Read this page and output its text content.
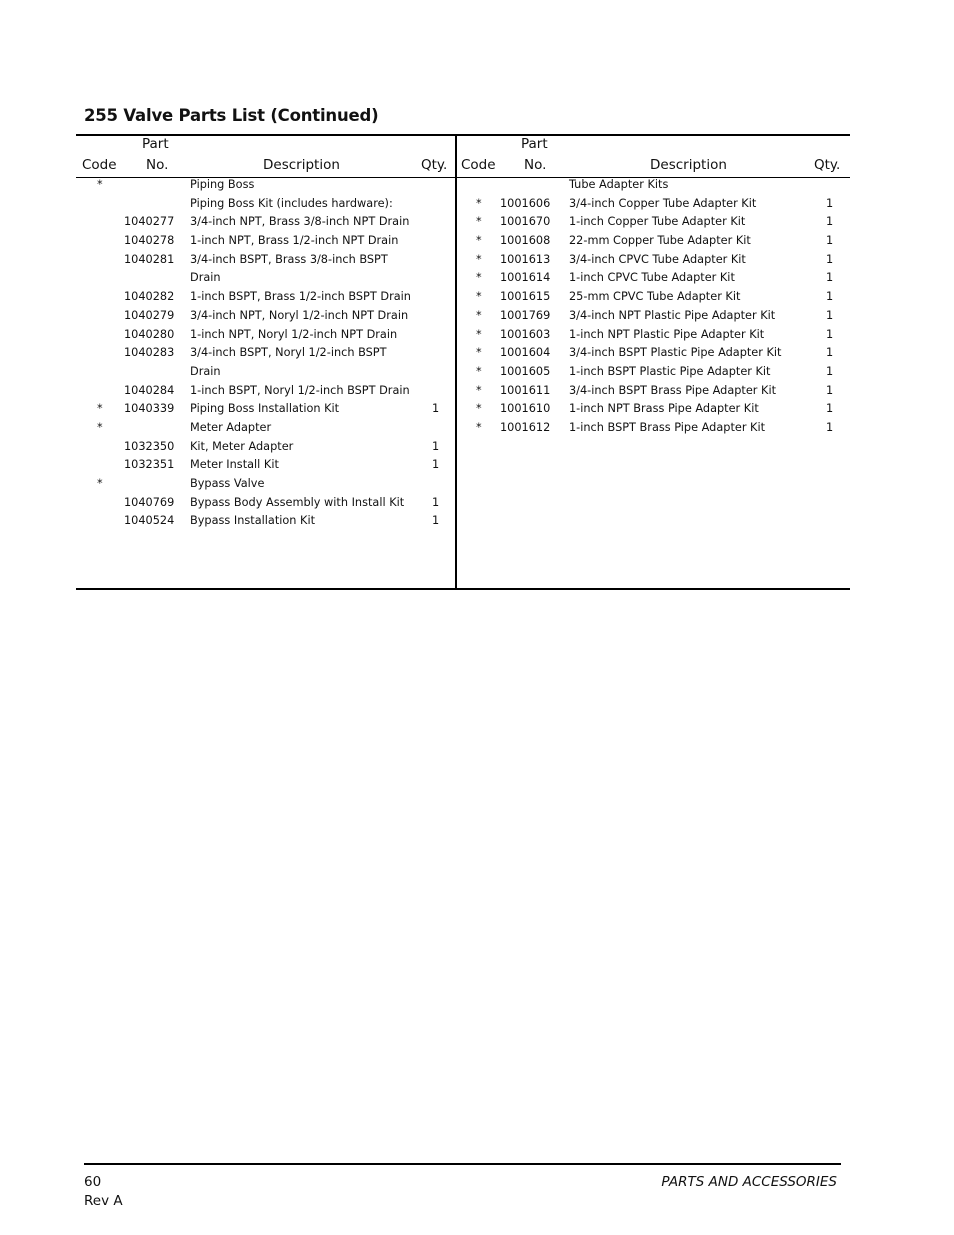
255 Valve Parts List (Continued)
Code
Part
No.	Description	Qty.
*	Piping Boss
Piping Boss Kit (includes hardware):
1040277 3/4-inch NPT, Brass 3/8-inch NPT Drain
1040278 1-inch NPT, Brass 1/2-inch NPT Drain
1040281 3/4-inch BSPT, Brass 3/8-inch BSPT
Drain
1040282 1-inch BSPT, Brass 1/2-inch BSPT Drain
1040279 3/4-inch NPT, Noryl 1/2-inch NPT Drain
1040280 1-inch NPT, Noryl 1/2-inch NPT Drain
1040283 3/4-inch BSPT, Noryl 1/2-inch BSPT
Drain
1040284 1-inch BSPT, Noryl 1/2-inch BSPT Drain
* 1040339 Piping Boss Installation Kit	1
*	Meter Adapter
1032350 Kit, Meter Adapter	1
1032351 Meter Install Kit	1
*	Bypass Valve
1040769 Bypass Body Assembly with Install Kit 1
1040524 Bypass Installation Kit	1
Code
Part
No.	Description	Qty.
Tube Adapter Kits
* 1001606 3/4-inch Copper Tube Adapter Kit	1
* 1001670 1-inch Copper Tube Adapter Kit	1
* 1001608 22-mm Copper Tube Adapter Kit	1
* 1001613 3/4-inch CPVC Tube Adapter Kit	1
* 1001614 1-inch CPVC Tube Adapter Kit	1
* 1001615 25-mm CPVC Tube Adapter Kit	1
* 1001769 3/4-inch NPT Plastic Pipe Adapter Kit	1
* 1001603 1-inch NPT Plastic Pipe Adapter Kit	1
* 1001604 3/4-inch BSPT Plastic Pipe Adapter Kit	1
* 1001605 1-inch BSPT Plastic Pipe Adapter Kit	1
* 1001611 3/4-inch BSPT Brass Pipe Adapter Kit	1
* 1001610 1-inch NPT Brass Pipe Adapter Kit	1
* 1001612 1-inch BSPT Brass Pipe Adapter Kit	1
60
Rev A
PARTS AND ACCESSORIES
